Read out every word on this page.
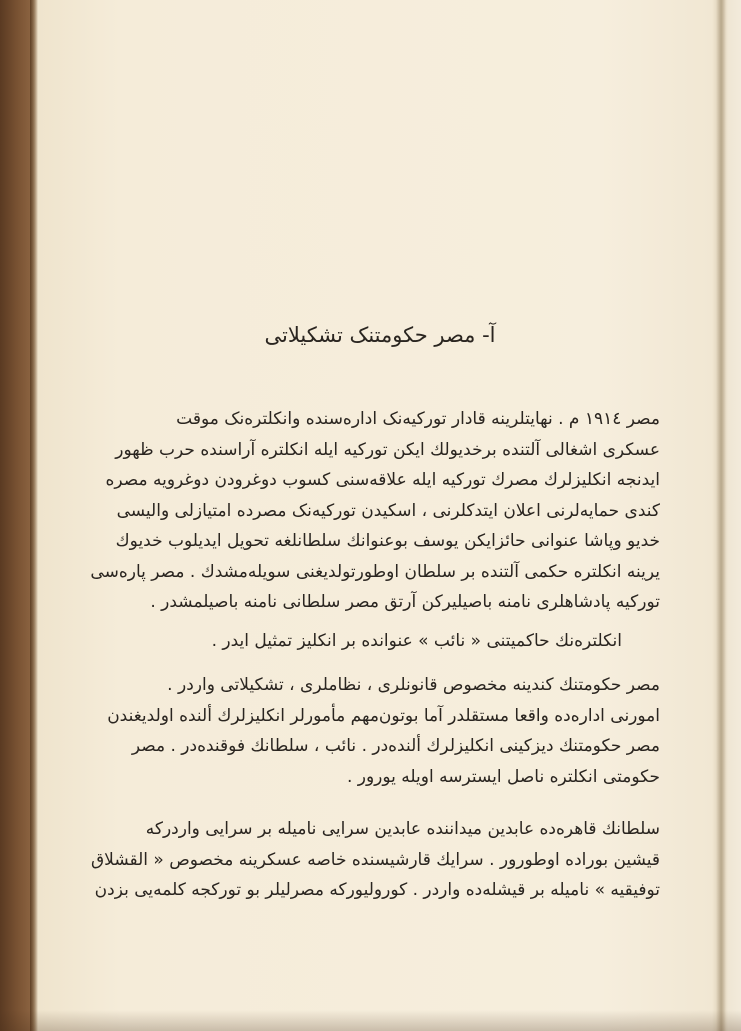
آ- مصر حکومتنک تشکیلاتی

مصر ١٩١٤ م . نهایتلرینه قادار تورکیه‌نک اداره‌سنده وانکلتره‌نک موقت
عسکری اشغالی آلتنده برخدیولك ایکن تورکیه ایله انکلتره آراسنده حرب ظهور
ایدنجه انکلیزلرك مصرك تورکیه ایله علاقه‌سنی کسوب دوغرودن دوغرویه مصره
کندی حمایه‌لرنی اعلان ایتدکلرنی ، اسکیدن تورکیه‌نک مصرده امتیازلی والیسی
خدیو وپاشا عنوانی حائزایکن یوسف بوعنوانك سلطانلغه تحویل ایدیلوب خدیوك
یرینه انکلتره حکمی آلتنده بر سلطان اوطورتولدیغنی سویله‌مشدك . مصر پاره‌سی
تورکیه پادشاهلری نامنه باصیلیرکن آرتق مصر سلطانی نامنه باصیلمشدر .

انکلتره‌نك حاکمیتنی « نائب » عنوانده بر انکلیز تمثیل ایدر .

مصر حکومتنك کندینه مخصوص قانونلری ، نظاملری ، تشکیلاتی واردر .
امورنی اداره‌ده واقعا مستقلدر آما بوتون‌مهم مأمورلر انکلیزلرك ألنده اولدیغندن
مصر حکومتنك دیزکینی انکلیزلرك ألنده‌در . نائب ، سلطانك فوقنده‌در . مصر
حکومتی انکلتره ناصل ایسترسه اویله یورور .

سلطانك قاهره‌ده عابدین میداننده عابدین سرایی نامیله بر سرایی واردرکه
قیشین بوراده اوطورور . سرایك قارشیسنده خاصه عسکرینه مخصوص « القشلاق
توفیقیه » نامیله بر قیشله‌ده واردر . کورولیورکه مصرلیلر بو تورکجه کلمه‌یی بزدن
